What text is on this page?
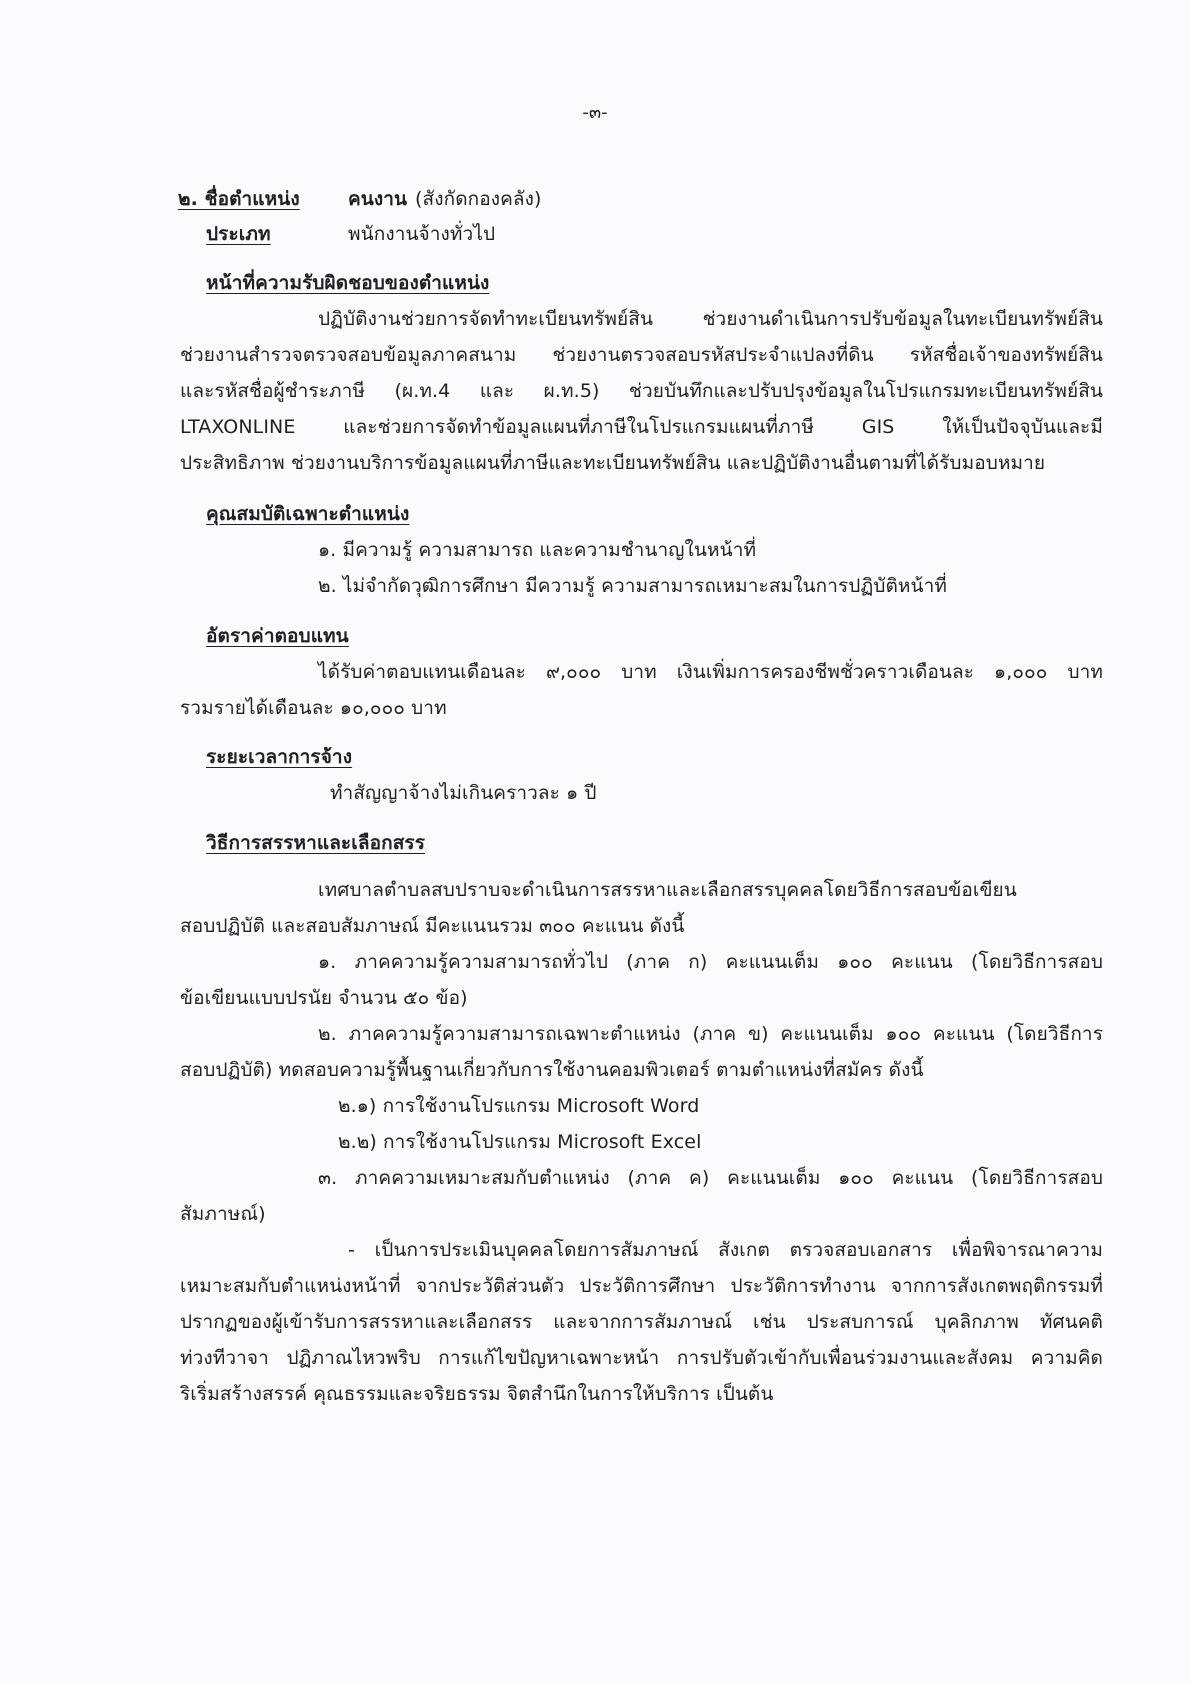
-๓-
๒. ชื่อตำแหน่ง	คนงาน (สังกัดกองคลัง)
ประเภท	พนักงานจ้างทั่วไป
หน้าที่ความรับผิดชอบของตำแหน่ง
ปฏิบัติงานช่วยการจัดทำทะเบียนทรัพย์สิน ช่วยงานดำเนินการปรับข้อมูลในทะเบียนทรัพย์สิน
ช่วยงานสำรวจตรวจสอบข้อมูลภาคสนาม ช่วยงานตรวจสอบรหัสประจำแปลงที่ดิน รหัสชื่อเจ้าของทรัพย์สิน
และรหัสชื่อผู้ชำระภาษี (ผ.ท.4 และ ผ.ท.5) ช่วยบันทึกและปรับปรุงข้อมูลในโปรแกรมทะเบียนทรัพย์สิน
LTAXONLINE และช่วยการจัดทำข้อมูลแผนที่ภาษีในโปรแกรมแผนที่ภาษี GIS ให้เป็นปัจจุบันและมี
ประสิทธิภาพ ช่วยงานบริการข้อมูลแผนที่ภาษีและทะเบียนทรัพย์สิน และปฏิบัติงานอื่นตามที่ได้รับมอบหมาย
คุณสมบัติเฉพาะตำแหน่ง
๑. มีความรู้ ความสามารถ และความชำนาญในหน้าที่
๒. ไม่จำกัดวุฒิการศึกษา มีความรู้ ความสามารถเหมาะสมในการปฏิบัติหน้าที่
อัตราค่าตอบแทน
ได้รับค่าตอบแทนเดือนละ ๙,๐๐๐ บาท เงินเพิ่มการครองชีพชั่วคราวเดือนละ ๑,๐๐๐ บาท
รวมรายได้เดือนละ ๑๐,๐๐๐ บาท
ระยะเวลาการจ้าง
ทำสัญญาจ้างไม่เกินคราวละ ๑ ปี
วิธีการสรรหาและเลือกสรร
เทศบาลตำบลสบปราบจะดำเนินการสรรหาและเลือกสรรบุคคลโดยวิธีการสอบข้อเขียน
สอบปฏิบัติ และสอบสัมภาษณ์ มีคะแนนรวม ๓๐๐ คะแนน ดังนี้
๑. ภาคความรู้ความสามารถทั่วไป (ภาค ก) คะแนนเต็ม ๑๐๐ คะแนน (โดยวิธีการสอบ
ข้อเขียนแบบปรนัย จำนวน ๕๐ ข้อ)
๒. ภาคความรู้ความสามารถเฉพาะตำแหน่ง (ภาค ข) คะแนนเต็ม ๑๐๐ คะแนน (โดยวิธีการ
สอบปฏิบัติ) ทดสอบความรู้พื้นฐานเกี่ยวกับการใช้งานคอมพิวเตอร์ ตามตำแหน่งที่สมัคร ดังนี้
๒.๑) การใช้งานโปรแกรม Microsoft Word
๒.๒) การใช้งานโปรแกรม Microsoft Excel
๓. ภาคความเหมาะสมกับตำแหน่ง (ภาค ค) คะแนนเต็ม ๑๐๐ คะแนน (โดยวิธีการสอบ
สัมภาษณ์)
- เป็นการประเมินบุคคลโดยการสัมภาษณ์ สังเกต ตรวจสอบเอกสาร เพื่อพิจารณาความ
เหมาะสมกับตำแหน่งหน้าที่ จากประวัติส่วนตัว ประวัติการศึกษา ประวัติการทำงาน จากการสังเกตพฤติกรรมที่
ปรากฏของผู้เข้ารับการสรรหาและเลือกสรร และจากการสัมภาษณ์ เช่น ประสบการณ์ บุคลิกภาพ ทัศนคติ
ท่วงทีวาจา ปฏิภาณไหวพริบ การแก้ไขปัญหาเฉพาะหน้า การปรับตัวเข้ากับเพื่อนร่วมงานและสังคม ความคิด
ริเริ่มสร้างสรรค์ คุณธรรมและจริยธรรม จิตสำนึกในการให้บริการ เป็นต้น
